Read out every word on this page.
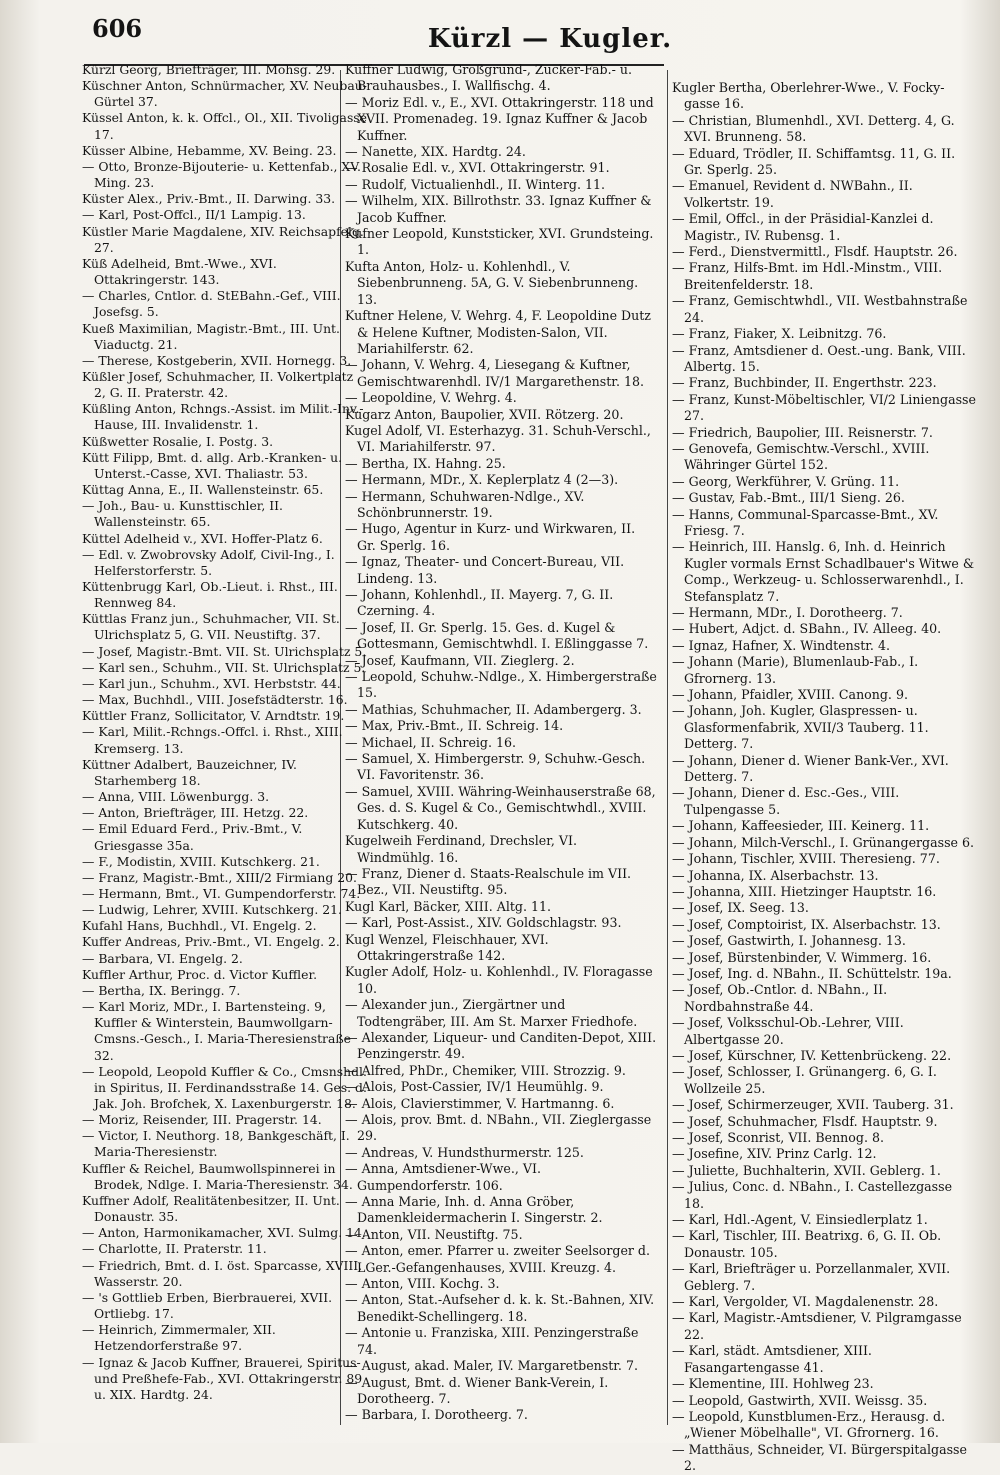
606	Kürzl — Kugler.

Kürzl Georg, Briefträger, III. Mohsg. 29.

Küschner Anton, Schnürmacher, XV. Neubau-Gürtel 37.

Küssel Anton, k. k. Offcl., Ol., XII. Tivoligasse 17.

Küsser Albine, Hebamme, XV. Being. 23.

— Otto, Bronze-Bijouterie- u. Kettenfab., XV. Ming. 23.

Küster Alex., Priv.-Bmt., II. Darwing. 33.

— Karl, Post-Offcl., II/1 Lampig. 13.

Küstler Marie Magdalene, XIV. Reichsapfelg. 27.

Küß Adelheid, Bmt.-Wwe., XVI. Ottakringerstr. 143.

— Charles, Cntlor. d. StEBahn.-Gef., VIII. Josefsg. 5.

Kueß Maximilian, Magistr.-Bmt., III. Unt. Viaductg. 21.

— Therese, Kostgeberin, XVII. Hornegg. 3.

Küßler Josef, Schuhmacher, II. Volkertplatz 2, G. II. Praterstr. 42.

Küßling Anton, Rchngs.-Assist. im Milit.-Inv.-Hause, III. Invalidenstr. 1.

Küßwetter Rosalie, I. Postg. 3.

Kütt Filipp, Bmt. d. allg. Arb.-Kranken- u. Unterst.-Casse, XVI. Thaliastr. 53.

Küttag Anna, E., II. Wallensteinstr. 65.

— Joh., Bau- u. Kunsttischler, II. Wallensteinstr. 65.

Küttel Adelheid v., XVI. Hoffer-Platz 6.

— Edl. v. Zwobrovsky Adolf, Civil-Ing., I. Helferstorferstr. 5.

Küttenbrugg Karl, Ob.-Lieut. i. Rhst., III. Rennweg 84.

Küttlas Franz jun., Schuhmacher, VII. St. Ulrichsplatz 5, G. VII. Neustiftg. 37.

— Josef, Magistr.-Bmt. VII. St. Ulrichsplatz 5.

— Karl sen., Schuhm., VII. St. Ulrichsplatz 5.

— Karl jun., Schuhm., XVI. Herbststr. 44.

— Max, Buchhdl., VIII. Josefstädterstr. 16.

Küttler Franz, Sollicitator, V. Arndtstr. 19.

— Karl, Milit.-Rchngs.-Offcl. i. Rhst., XIII. Kremserg. 13.

Küttner Adalbert, Bauzeichner, IV. Starhemberg 18.

— Anna, VIII. Löwenburgg. 3.

— Anton, Briefträger, III. Hetzg. 22.

— Emil Eduard Ferd., Priv.-Bmt., V. Griesgasse 35a.

— F., Modistin, XVIII. Kutschkerg. 21.

— Franz, Magistr.-Bmt., XIII/2 Firmiang 20.

— Hermann, Bmt., VI. Gumpendorferstr. 74.

— Ludwig, Lehrer, XVIII. Kutschkerg. 21.

Kufahl Hans, Buchhdl., VI. Engelg. 2.

Kuffer Andreas, Priv.-Bmt., VI. Engelg. 2.

— Barbara, VI. Engelg. 2.

Kuffler Arthur, Proc. d. Victor Kuffler.

— Bertha, IX. Beringg. 7.

— Karl Moriz, MDr., I. Bartensteing. 9, Kuffler & Winterstein, Baumwollgarn-Cmsns.-Gesch., I. Maria-Theresienstraße 32.

— Leopold, Leopold Kuffler & Co., Cmsnshdl. in Spiritus, II. Ferdinandsstraße 14. Ges. d. Jak. Joh. Brofchek, X. Laxenburgerstr. 18.

— Moriz, Reisender, III. Pragerstr. 14.

— Victor, I. Neuthorg. 18, Bankgeschäft, I. Maria-Theresienstr.

Kuffler & Reichel, Baumwollspinnerei in Brodek, Ndlge. I. Maria-Theresienstr. 34.

Kuffner Adolf, Realitätenbesitzer, II. Unt. Donaustr. 35.

— Anton, Harmonikamacher, XVI. Sulmg. 14.

— Charlotte, II. Praterstr. 11.

— Friedrich, Bmt. d. I. öst. Sparcasse, XVIII. Wasserstr. 20.

— 's Gottlieb Erben, Bierbrauerei, XVII. Ortliebg. 17.

— Heinrich, Zimmermaler, XII. Hetzendorferstraße 97.

— Ignaz & Jacob Kuffner, Brauerei, Spiritus- und Preßhefe-Fab., XVI. Ottakringerstr. 89 u. XIX. Hardtg. 24.

Kuffner Ludwig, Großgrund-, Zucker-Fab.- u. Brauhausbes., I. Wallfischg. 4.

— Moriz Edl. v., E., XVI. Ottakringerstr. 118 und XVII. Promenadeg. 19. Ignaz Kuffner & Jacob Kuffner.

— Nanette, XIX. Hardtg. 24.

— Rosalie Edl. v., XVI. Ottakringerstr. 91.

— Rudolf, Victualienhdl., II. Winterg. 11.

— Wilhelm, XIX. Billrothstr. 33. Ignaz Kuffner & Jacob Kuffner.

Kufner Leopold, Kunststicker, XVI. Grundsteing. 1.

Kufta Anton, Holz- u. Kohlenhdl., V. Siebenbrunneng. 5A, G. V. Siebenbrunneng. 13.

Kuftner Helene, V. Wehrg. 4, F. Leopoldine Dutz & Helene Kuftner, Modisten-Salon, VII. Mariahilferstr. 62.

— Johann, V. Wehrg. 4, Liesegang & Kuftner, Gemischtwarenhdl. IV/1 Margarethenstr. 18.

— Leopoldine, V. Wehrg. 4.

Kugarz Anton, Baupolier, XVII. Rötzerg. 20.

Kugel Adolf, VI. Esterhazyg. 31. Schuh-Verschl., VI. Mariahilferstr. 97.

— Bertha, IX. Hahng. 25.

— Hermann, MDr., X. Keplerplatz 4 (2—3).

— Hermann, Schuhwaren-Ndlge., XV. Schönbrunnerstr. 19.

— Hugo, Agentur in Kurz- und Wirkwaren, II. Gr. Sperlg. 16.

— Ignaz, Theater- und Concert-Bureau, VII. Lindeng. 13.

— Johann, Kohlenhdl., II. Mayerg. 7, G. II. Czerning. 4.

— Josef, II. Gr. Sperlg. 15. Ges. d. Kugel & Gottesmann, Gemischtwhdl. I. Eßlinggasse 7.

— Josef, Kaufmann, VII. Zieglerg. 2.

— Leopold, Schuhw.-Ndlge., X. Himbergerstraße 15.

— Mathias, Schuhmacher, II. Adambergerg. 3.

— Max, Priv.-Bmt., II. Schreig. 14.

— Michael, II. Schreig. 16.

— Samuel, X. Himbergerstr. 9, Schuhw.-Gesch. VI. Favoritenstr. 36.

— Samuel, XVIII. Währing-Weinhauserstraße 68, Ges. d. S. Kugel & Co., Gemischtwhdl., XVIII. Kutschkerg. 40.

Kugelweih Ferdinand, Drechsler, VI. Windmühlg. 16.

— Franz, Diener d. Staats-Realschule im VII. Bez., VII. Neustiftg. 95.

Kugl Karl, Bäcker, XIII. Altg. 11.

— Karl, Post-Assist., XIV. Goldschlagstr. 93.

Kugl Wenzel, Fleischhauer, XVI. Ottakringerstraße 142.

Kugler Adolf, Holz- u. Kohlenhdl., IV. Floragasse 10.

— Alexander jun., Ziergärtner und Todtengräber, III. Am St. Marxer Friedhofe.

— Alexander, Liqueur- und Canditen-Depot, XIII. Penzingerstr. 49.

— Alfred, PhDr., Chemiker, VIII. Strozzig. 9.

— Alois, Post-Cassier, IV/1 Heumühlg. 9.

— Alois, Clavierstimmer, V. Hartmanng. 6.

— Alois, prov. Bmt. d. NBahn., VII. Zieglergasse 29.

— Andreas, V. Hundsthurmerstr. 125.

— Anna, Amtsdiener-Wwe., VI. Gumpendorferstr. 106.

— Anna Marie, Inh. d. Anna Gröber, Damenkleidermacherin I. Singerstr. 2.

— Anton, VII. Neustiftg. 75.

— Anton, emer. Pfarrer u. zweiter Seelsorger d. LGer.-Gefangenhauses, XVIII. Kreuzg. 4.

— Anton, VIII. Kochg. 3.

— Anton, Stat.-Aufseher d. k. k. St.-Bahnen, XIV. Benedikt-Schellingerg. 18.

— Antonie u. Franziska, XIII. Penzingerstraße 74.

— August, akad. Maler, IV. Margaretbenstr. 7.

— August, Bmt. d. Wiener Bank-Verein, I. Dorotheerg. 7.

— Barbara, I. Dorotheerg. 7.

Kugler Bertha, Oberlehrer-Wwe., V. Focky-gasse 16.

— Christian, Blumenhdl., XVI. Detterg. 4, G. XVI. Brunneng. 58.

— Eduard, Trödler, II. Schiffamtsg. 11, G. II. Gr. Sperlg. 25.

— Emanuel, Revident d. NWBahn., II. Volkertstr. 19.

— Emil, Offcl., in der Präsidial-Kanzlei d. Magistr., IV. Rubensg. 1.

— Ferd., Dienstvermittl., Flsdf. Hauptstr. 26.

— Franz, Hilfs-Bmt. im Hdl.-Minstm., VIII. Breitenfelderstr. 18.

— Franz, Gemischtwhdl., VII. Westbahnstraße 24.

— Franz, Fiaker, X. Leibnitzg. 76.

— Franz, Amtsdiener d. Oest.-ung. Bank, VIII. Albertg. 15.

— Franz, Buchbinder, II. Engerthstr. 223.

— Franz, Kunst-Möbeltischler, VI/2 Liniengasse 27.

— Friedrich, Baupolier, III. Reisnerstr. 7.

— Genovefa, Gemischtw.-Verschl., XVIII. Währinger Gürtel 152.

— Georg, Werkführer, V. Grüng. 11.

— Gustav, Fab.-Bmt., III/1 Sieng. 26.

— Hanns, Communal-Sparcasse-Bmt., XV. Friesg. 7.

— Heinrich, III. Hanslg. 6, Inh. d. Heinrich Kugler vormals Ernst Schadlbauer's Witwe & Comp., Werkzeug- u. Schlosserwarenhdl., I. Stefansplatz 7.

— Hermann, MDr., I. Dorotheerg. 7.

— Hubert, Adjct. d. SBahn., IV. Alleeg. 40.

— Ignaz, Hafner, X. Windtenstr. 4.

— Johann (Marie), Blumenlaub-Fab., I. Gfrornerg. 13.

— Johann, Pfaidler, XVIII. Canong. 9.

— Johann, Joh. Kugler, Glaspressen- u. Glasformenfabrik, XVII/3 Tauberg. 11. Detterg. 7.

— Johann, Diener d. Wiener Bank-Ver., XVI. Detterg. 7.

— Johann, Diener d. Esc.-Ges., VIII. Tulpengasse 5.

— Johann, Kaffeesieder, III. Keinerg. 11.

— Johann, Milch-Verschl., I. Grünangergasse 6.

— Johann, Tischler, XVIII. Theresieng. 77.

— Johanna, IX. Alserbachstr. 13.

— Johanna, XIII. Hietzinger Hauptstr. 16.

— Josef, IX. Seeg. 13.

— Josef, Comptoirist, IX. Alserbachstr. 13.

— Josef, Gastwirth, I. Johannesg. 13.

— Josef, Bürstenbinder, V. Wimmerg. 16.

— Josef, Ing. d. NBahn., II. Schüttelstr. 19a.

— Josef, Ob.-Cntlor. d. NBahn., II. Nordbahnstraße 44.

— Josef, Volksschul-Ob.-Lehrer, VIII. Albertgasse 20.

— Josef, Kürschner, IV. Kettenbrückeng. 22.

— Josef, Schlosser, I. Grünangerg. 6, G. I. Wollzeile 25.

— Josef, Schirmerzeuger, XVII. Tauberg. 31.

— Josef, Schuhmacher, Flsdf. Hauptstr. 9.

— Josef, Sconrist, VII. Bennog. 8.

— Josefine, XIV. Prinz Carlg. 12.

— Juliette, Buchhalterin, XVII. Geblerg. 1.

— Julius, Conc. d. NBahn., I. Castellezgasse 18.

— Karl, Hdl.-Agent, V. Einsiedlerplatz 1.

— Karl, Tischler, III. Beatrixg. 6, G. II. Ob. Donaustr. 105.

— Karl, Briefträger u. Porzellanmaler, XVII. Geblerg. 7.

— Karl, Vergolder, VI. Magdalenenstr. 28.

— Karl, Magistr.-Amtsdiener, V. Pilgramgasse 22.

— Karl, städt. Amtsdiener, XIII. Fasangartengasse 41.

— Klementine, III. Hohlweg 23.

— Leopold, Gastwirth, XVII. Weissg. 35.

— Leopold, Kunstblumen-Erz., Herausg. d. „Wiener Möbelhalle", VI. Gfrornerg. 16.

— Matthäus, Schneider, VI. Bürgerspitalgasse 2.
